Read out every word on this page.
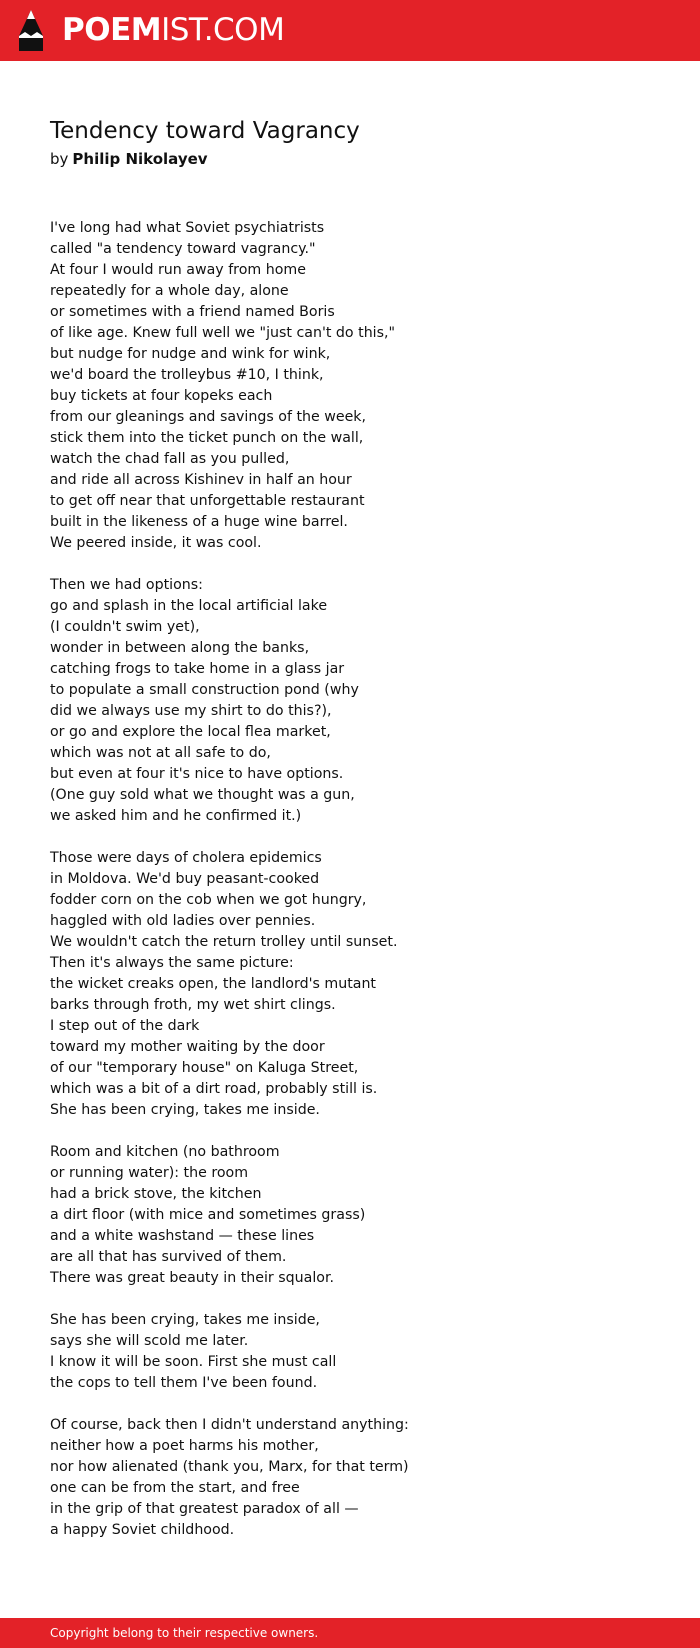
POEMIST.COM
Tendency toward Vagrancy
by Philip Nikolayev

I've long had what Soviet psychiatrists
called "a tendency toward vagrancy."
At four I would run away from home
repeatedly for a whole day, alone
or sometimes with a friend named Boris
of like age. Knew full well we "just can't do this,"
but nudge for nudge and wink for wink,
we'd board the trolleybus #10, I think,
buy tickets at four kopeks each
from our gleanings and savings of the week,
stick them into the ticket punch on the wall,
watch the chad fall as you pulled,
and ride all across Kishinev in half an hour
to get off near that unforgettable restaurant
built in the likeness of a huge wine barrel.
We peered inside, it was cool.

Then we had options:
go and splash in the local artificial lake
(I couldn't swim yet),
wonder in between along the banks,
catching frogs to take home in a glass jar
to populate a small construction pond (why
did we always use my shirt to do this?),
or go and explore the local flea market,
which was not at all safe to do,
but even at four it's nice to have options.
(One guy sold what we thought was a gun,
we asked him and he confirmed it.)

Those were days of cholera epidemics
in Moldova. We'd buy peasant-cooked
fodder corn on the cob when we got hungry,
haggled with old ladies over pennies.
We wouldn't catch the return trolley until sunset.
Then it's always the same picture:
the wicket creaks open, the landlord's mutant
barks through froth, my wet shirt clings.
I step out of the dark
toward my mother waiting by the door
of our "temporary house" on Kaluga Street,
which was a bit of a dirt road, probably still is.
She has been crying, takes me inside.

Room and kitchen (no bathroom
or running water): the room
had a brick stove, the kitchen
a dirt floor (with mice and sometimes grass)
and a white washstand — these lines
are all that has survived of them.
There was great beauty in their squalor.

She has been crying, takes me inside,
says she will scold me later.
I know it will be soon. First she must call
the cops to tell them I've been found.

Of course, back then I didn't understand anything:
neither how a poet harms his mother,
nor how alienated (thank you, Marx, for that term)
one can be from the start, and free
in the grip of that greatest paradox of all —
a happy Soviet childhood.

Copyright belong to their respective owners.
